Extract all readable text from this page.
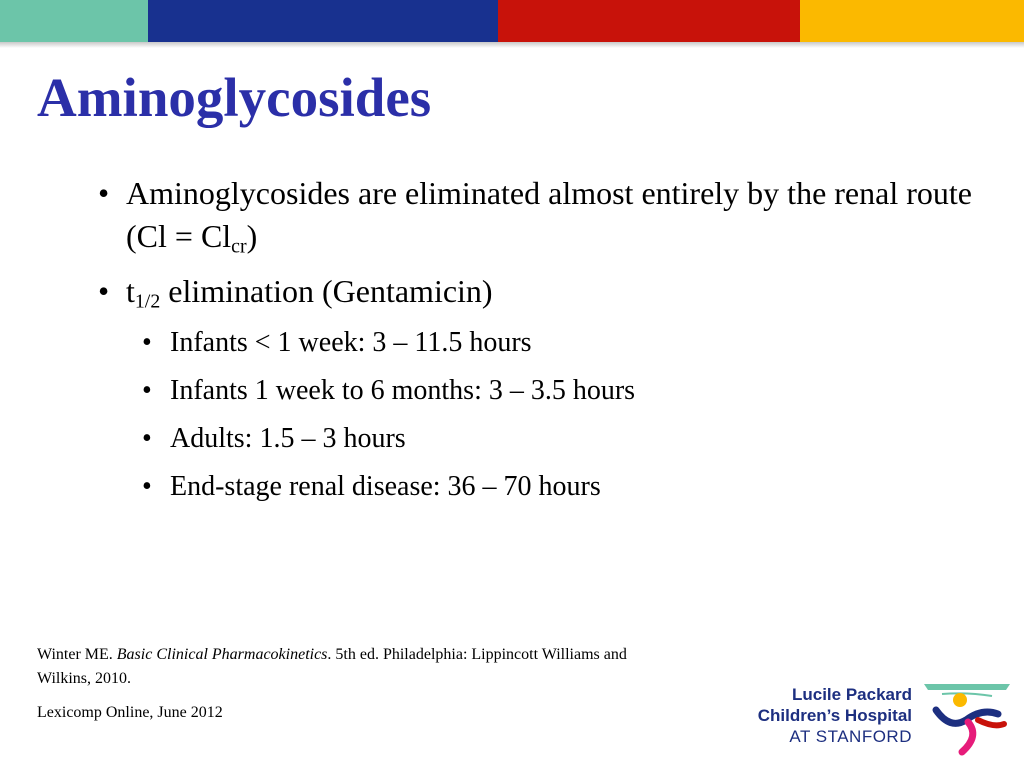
Aminoglycosides
• Aminoglycosides are eliminated almost entirely by the renal route $(Cl = Cl_{cr})$
• $t_{1/2}$ elimination (Gentamicin)
• Infants < 1 week: 3 – 11.5 hours
• Infants 1 week to 6 months: 3 – 3.5 hours
• Adults: 1.5 – 3 hours
• End-stage renal disease: 36 – 70 hours

Winter ME. Basic Clinical Pharmacokinetics. 5th ed. Philadelphia: Lippincott Williams and Wilkins, 2010.

Lexicomp Online, June 2012

Lucile Packard
Children’s Hospital
AT STANFORD
